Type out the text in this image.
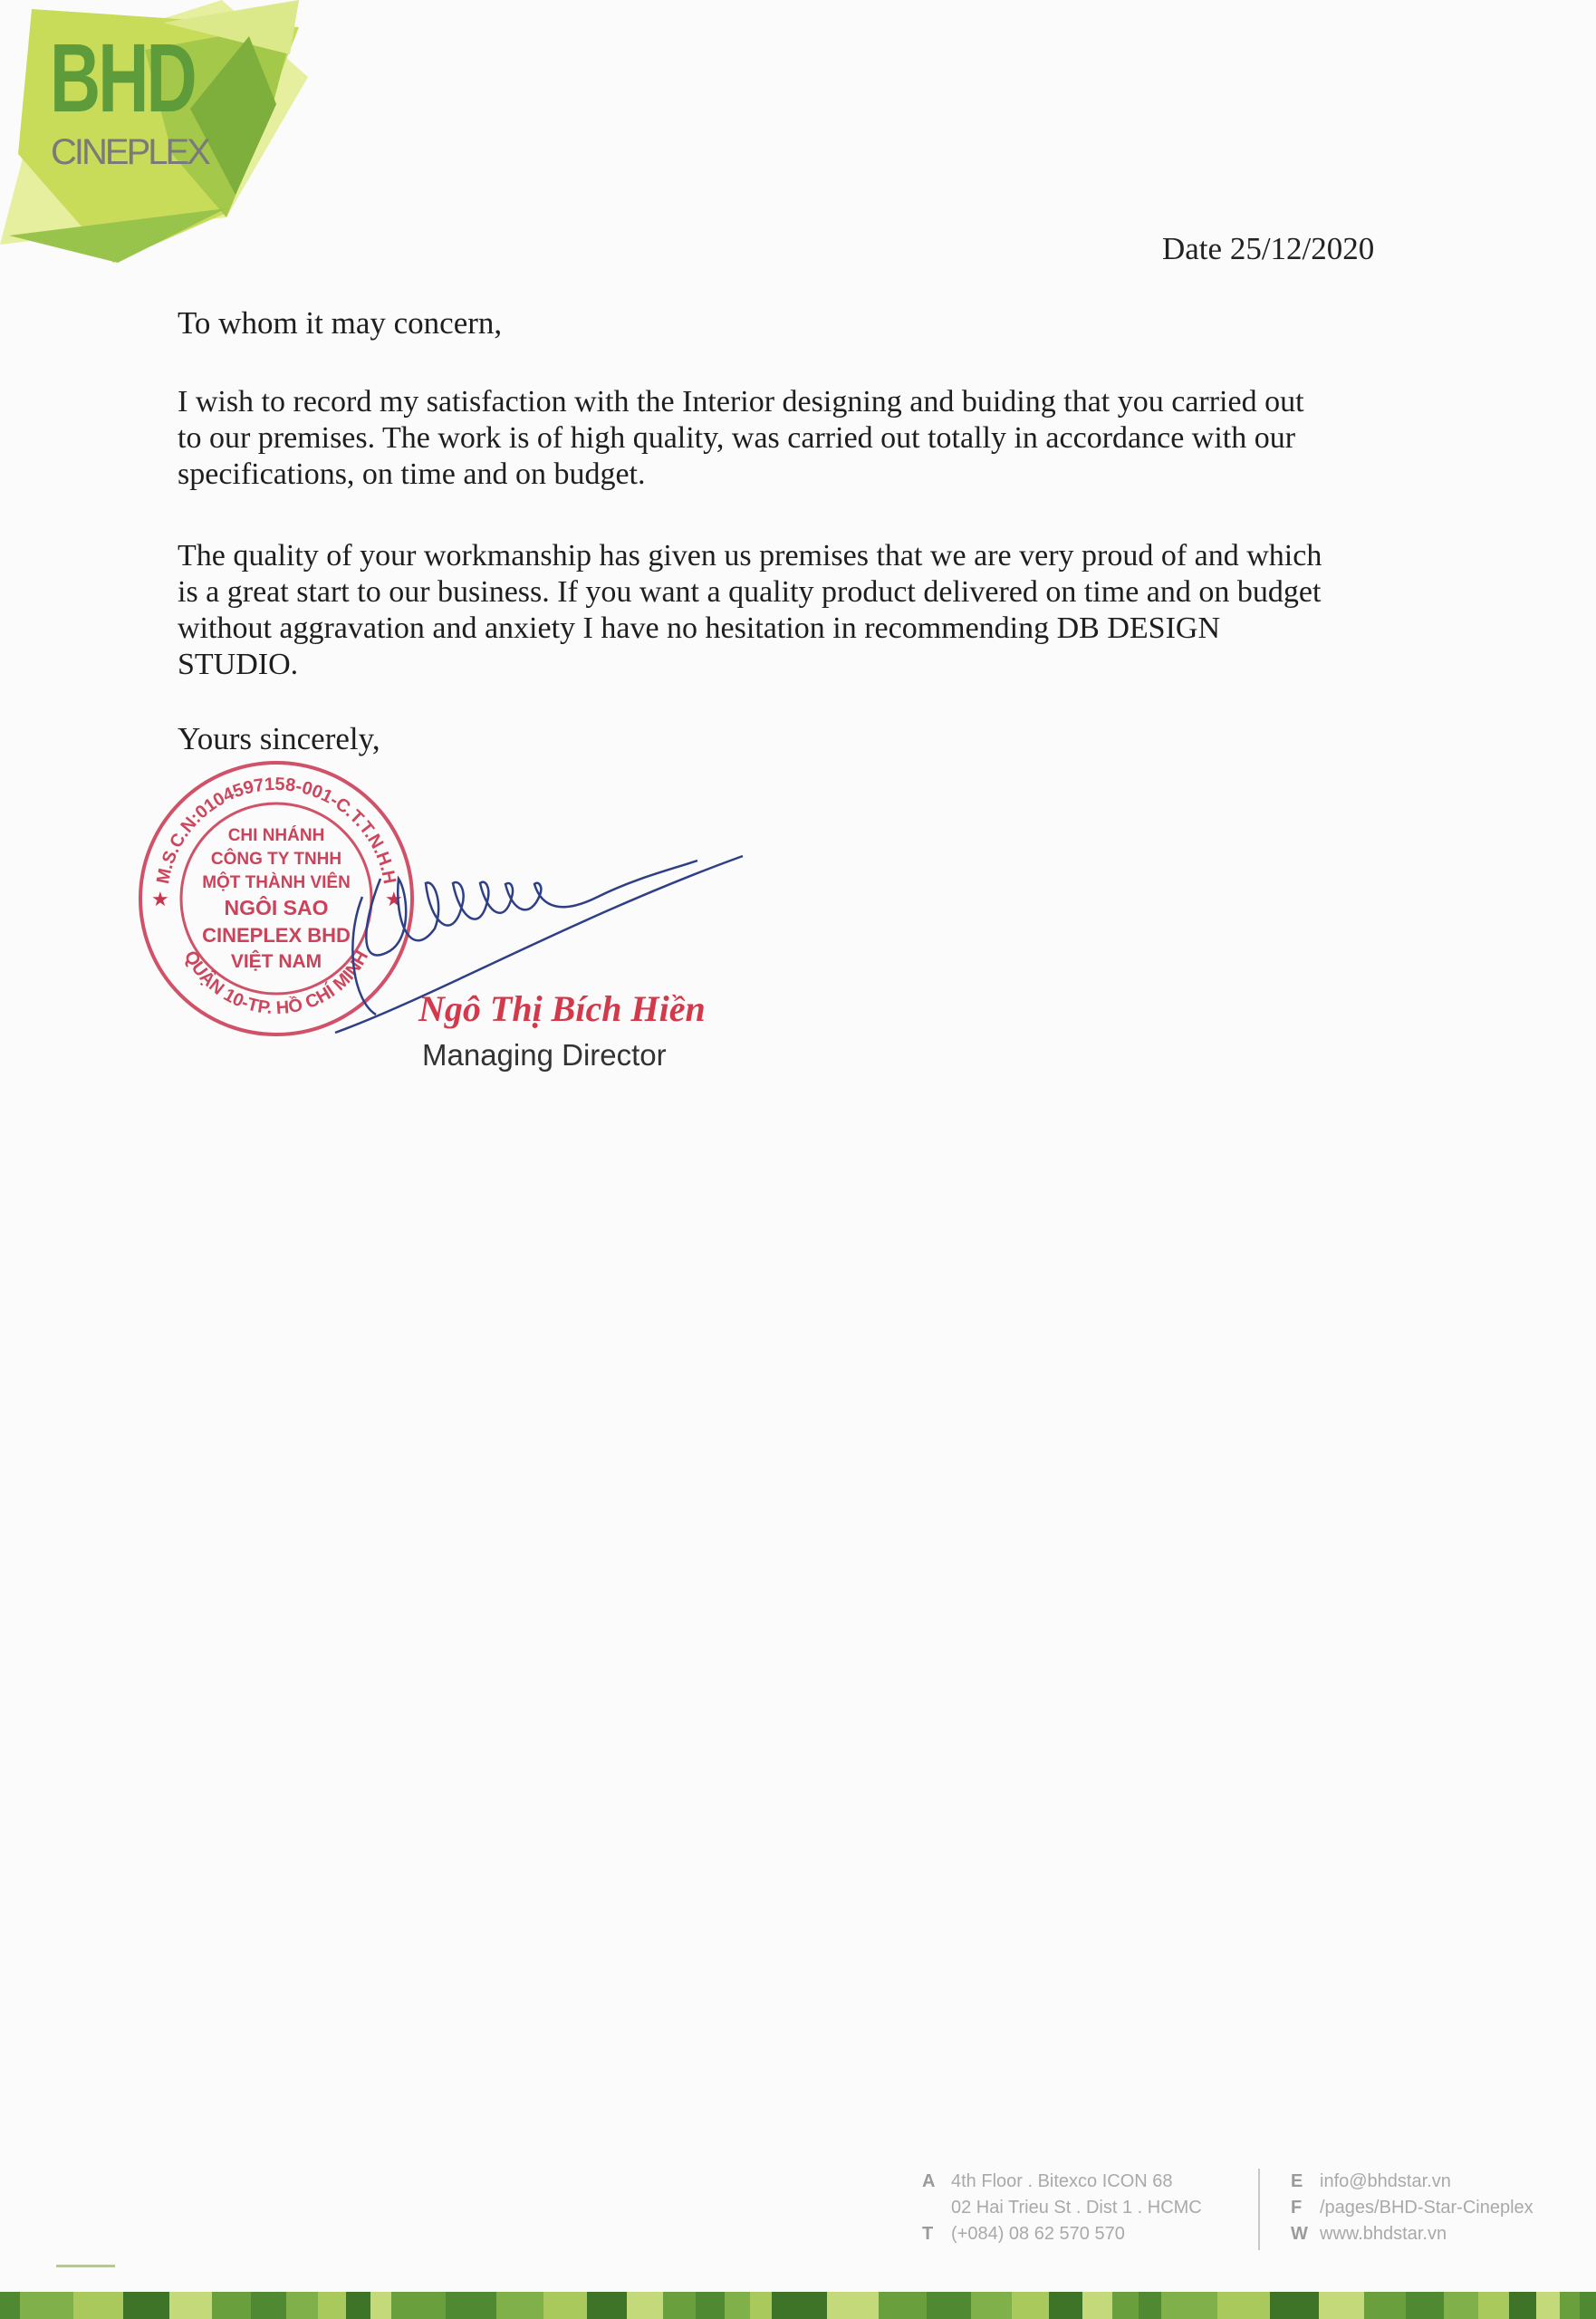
BHD
CINEPLEX
Date 25/12/2020
To whom it may concern,

I wish to record my satisfaction with the Interior designing and buiding that you carried out
to our premises. The work is of high quality, was carried out totally in accordance with our
specifications, on time and on budget.

The quality of your workmanship has given us premises that we are very proud of and which
is a great start to our business. If you want a quality product delivered on time and on budget
without aggravation and anxiety I have no hesitation in recommending DB DESIGN
STUDIO.

Yours sincerely,
M.S.C.N:0104597158-001-C.T.T.N.H.H
QUẬN 10-TP. HỒ CHÍ MINH
★	★
CHI NHÁNH
CÔNG TY TNHH
MỘT THÀNH VIÊN
NGÔI SAO
CINEPLEX BHD
VIỆT NAM
Ngô Thị Bích Hiền
Managing Director
A 4th Floor . Bitexco ICON 68
02 Hai Trieu St . Dist 1 . HCMC
T (+084) 08 62 570 570
E info@bhdstar.vn
F /pages/BHD-Star-Cineplex
W www.bhdstar.vn
